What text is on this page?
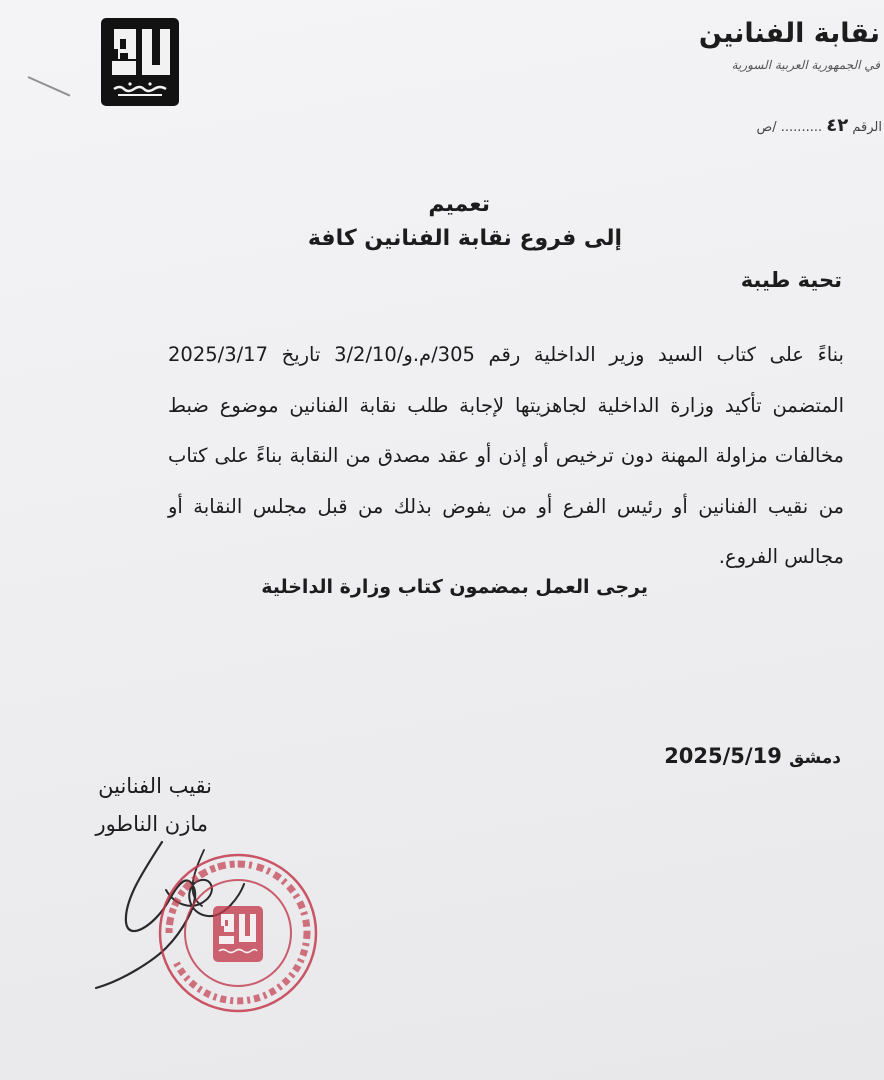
نقابة الفنانين
في الجمهورية العربية السورية
الرقم ٤٢ .......... /ص
تعميم
إلى فروع نقابة الفنانين كافة
تحية طيبة
بناءً على كتاب السيد وزير الداخلية رقم 305/م.و/3/2/10 تاريخ 2025/3/17 المتضمن تأكيد وزارة الداخلية لجاهزيتها لإجابة طلب نقابة الفنانين موضوع ضبط مخالفات مزاولة المهنة دون ترخيص أو إذن أو عقد مصدق من النقابة بناءً على كتاب من نقيب الفنانين أو رئيس الفرع أو من يفوض بذلك من قبل مجلس النقابة أو مجالس الفروع.
يرجى العمل بمضمون كتاب وزارة الداخلية
دمشق 2025/5/19
نقيب الفنانين
مازن الناطور
